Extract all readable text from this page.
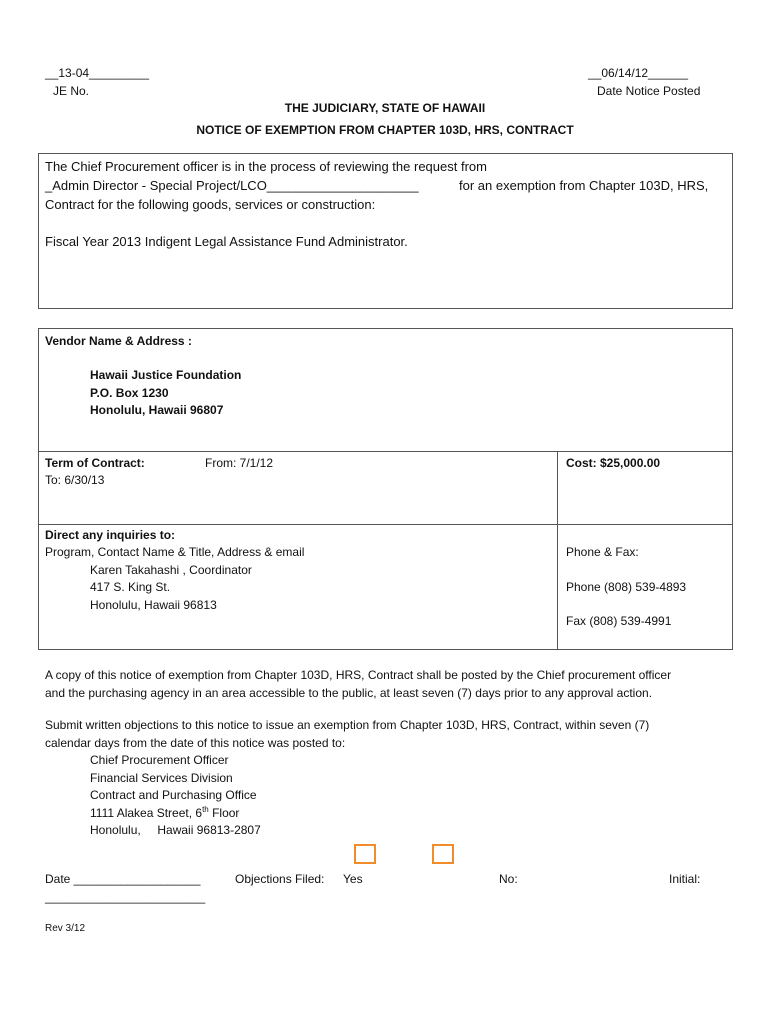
__13-04_________
JE No.
__06/14/12______
Date Notice Posted
THE JUDICIARY, STATE OF HAWAII
NOTICE OF EXEMPTION FROM CHAPTER 103D, HRS, CONTRACT
The Chief Procurement officer is in the process of reviewing the request from
_Admin Director - Special Project/LCO_____________________	for an exemption from Chapter 103D, HRS,
Contract for the following goods, services or construction:
Fiscal Year 2013 Indigent Legal Assistance Fund Administrator.
Vendor Name & Address :
Hawaii Justice Foundation
P.O. Box 1230
Honolulu, Hawaii 96807
Term of Contract:	From: 7/1/12
To: 6/30/13
Cost: $25,000.00
Direct any inquiries to:
Program, Contact Name & Title, Address & email
Karen Takahashi , Coordinator
417 S. King St.
Honolulu, Hawaii 96813
Phone & Fax:
Phone (808) 539-4893
Fax (808) 539-4991
A copy of this notice of exemption from Chapter 103D, HRS, Contract shall be posted by the Chief procurement officer
and the purchasing agency in an area accessible to the public, at least seven (7) days prior to any approval action.
Submit written objections to this notice to issue an exemption from Chapter 103D, HRS, Contract, within seven (7)
calendar days from the date of this notice was posted to:
Chief Procurement Officer
Financial Services Division
Contract and Purchasing Office
1111 Alakea Street, 6th Floor
Honolulu,     Hawaii 96813-2807
Date ___________________	Objections Filed: Yes	No:	Initial:
________________________
Rev 3/12
